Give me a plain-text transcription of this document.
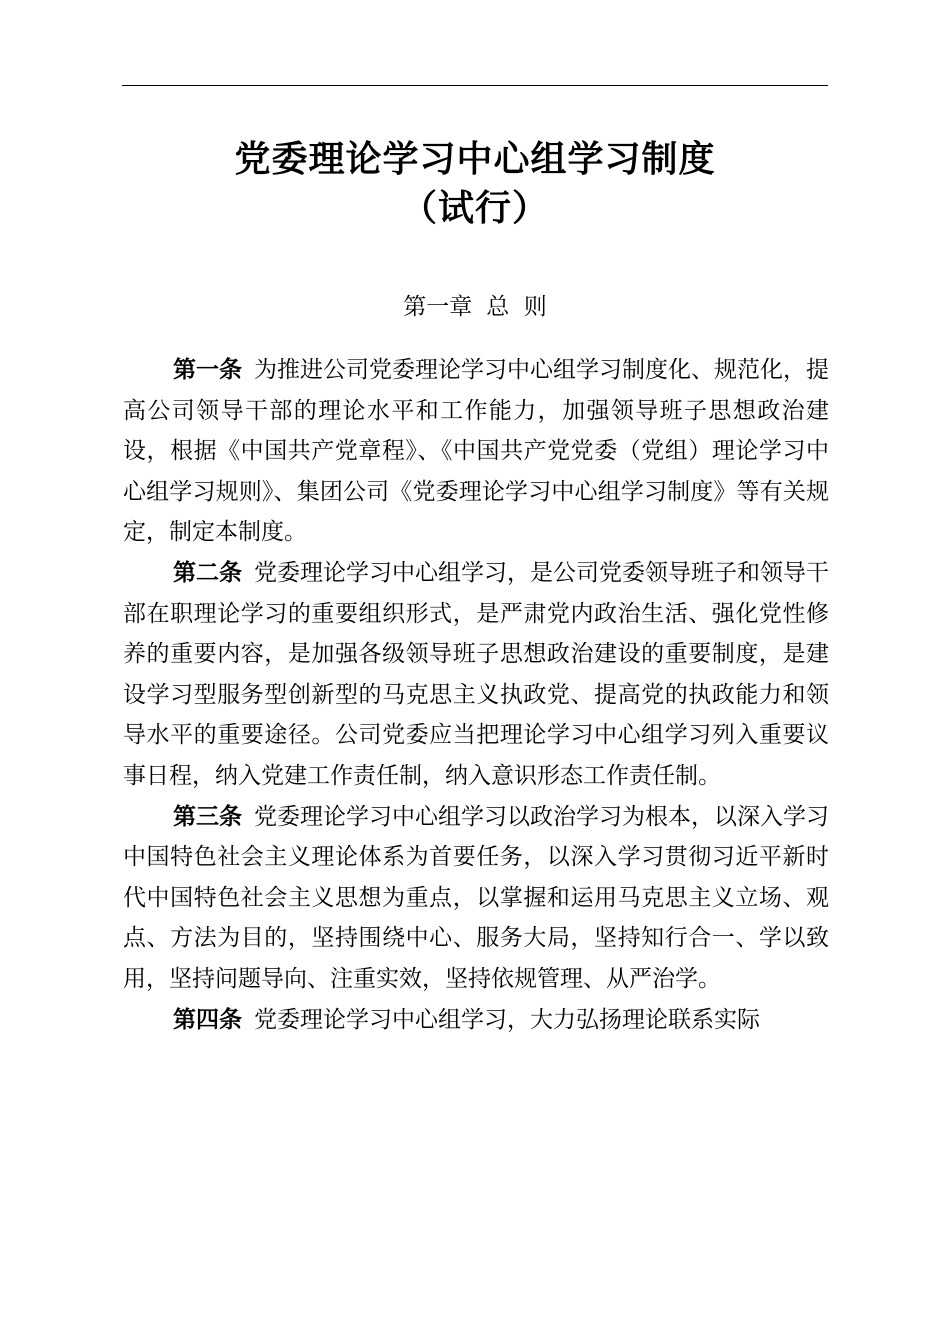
党委理论学习中心组学习制度
（试行）
第一章 总  则

第一条 为推进公司党委理论学习中心组学习制度化、规范化，提高公司领导干部的理论水平和工作能力，加强领导班子思想政治建设，根据《中国共产党章程》、《中国共产党党委（党组）理论学习中心组学习规则》、集团公司《党委理论学习中心组学习制度》等有关规定，制定本制度。

第二条 党委理论学习中心组学习，是公司党委领导班子和领导干部在职理论学习的重要组织形式，是严肃党内政治生活、强化党性修养的重要内容，是加强各级领导班子思想政治建设的重要制度，是建设学习型服务型创新型的马克思主义执政党、提高党的执政能力和领导水平的重要途径。公司党委应当把理论学习中心组学习列入重要议事日程，纳入党建工作责任制，纳入意识形态工作责任制。

第三条 党委理论学习中心组学习以政治学习为根本，以深入学习中国特色社会主义理论体系为首要任务，以深入学习贯彻习近平新时代中国特色社会主义思想为重点，以掌握和运用马克思主义立场、观点、方法为目的，坚持围绕中心、服务大局，坚持知行合一、学以致用，坚持问题导向、注重实效，坚持依规管理、从严治学。

第四条 党委理论学习中心组学习，大力弘扬理论联系实际
